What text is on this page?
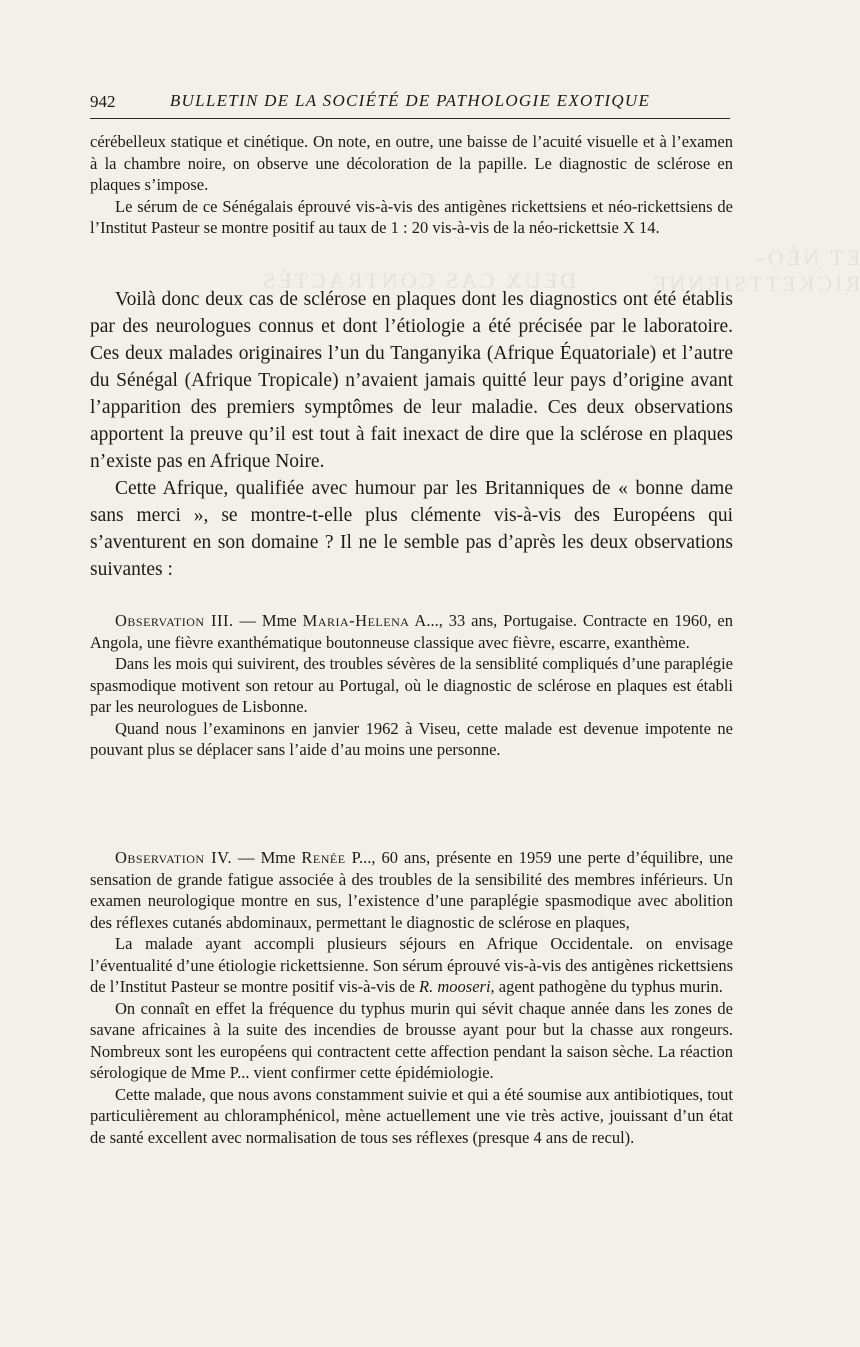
ET NÉO-RICKETTSIENNE
DEUX CAS CONTRACTÉS
942	BULLETIN DE LA SOCIÉTÉ DE PATHOLOGIE EXOTIQUE

cérébelleux statique et cinétique. On note, en outre, une baisse de l’acuité visuelle et à l’examen à la chambre noire, on observe une décoloration de la papille. Le diagnostic de sclérose en plaques s’impose.

Le sérum de ce Sénégalais éprouvé vis-à-vis des antigènes rickettsiens et néo-rickettsiens de l’Institut Pasteur se montre positif au taux de 1 : 20 vis-à-vis de la néo-rickettsie X 14.

Voilà donc deux cas de sclérose en plaques dont les diagnostics ont été établis par des neurologues connus et dont l’étiologie a été précisée par le laboratoire. Ces deux malades originaires l’un du Tanganyika (Afrique Équatoriale) et l’autre du Sénégal (Afrique Tropicale) n’avaient jamais quitté leur pays d’origine avant l’apparition des premiers symptômes de leur maladie. Ces deux observations apportent la preuve qu’il est tout à fait inexact de dire que la sclérose en plaques n’existe pas en Afrique Noire.

Cette Afrique, qualifiée avec humour par les Britanniques de « bonne dame sans merci », se montre-t-elle plus clémente vis-à-vis des Européens qui s’aventurent en son domaine ? Il ne le semble pas d’après les deux observations suivantes :

Observation III. — Mme Maria-Helena A..., 33 ans, Portugaise. Contracte en 1960, en Angola, une fièvre exanthématique boutonneuse classique avec fièvre, escarre, exanthème.

Dans les mois qui suivirent, des troubles sévères de la sensiblité compliqués d’une paraplégie spasmodique motivent son retour au Portugal, où le diagnostic de sclérose en plaques est établi par les neurologues de Lisbonne.

Quand nous l’examinons en janvier 1962 à Viseu, cette malade est devenue impotente ne pouvant plus se déplacer sans l’aide d’au moins une personne.

Observation IV. — Mme Renée P..., 60 ans, présente en 1959 une perte d’équilibre, une sensation de grande fatigue associée à des troubles de la sensibilité des membres inférieurs. Un examen neurologique montre en sus, l’existence d’une paraplégie spasmodique avec abolition des réflexes cutanés abdominaux, permettant le diagnostic de sclérose en plaques,

La malade ayant accompli plusieurs séjours en Afrique Occidentale. on envisage l’éventualité d’une étiologie rickettsienne. Son sérum éprouvé vis-à-vis des antigènes rickettsiens de l’Institut Pasteur se montre positif vis-à-vis de R. mooseri, agent pathogène du typhus murin.

On connaît en effet la fréquence du typhus murin qui sévit chaque année dans les zones de savane africaines à la suite des incendies de brousse ayant pour but la chasse aux rongeurs. Nombreux sont les européens qui contractent cette affection pendant la saison sèche. La réaction sérologique de Mme P... vient confirmer cette épidémiologie.

Cette malade, que nous avons constamment suivie et qui a été soumise aux antibiotiques, tout particulièrement au chloramphénicol, mène actuellement une vie très active, jouissant d’un état de santé excellent avec normalisation de tous ses réflexes (presque 4 ans de recul).
